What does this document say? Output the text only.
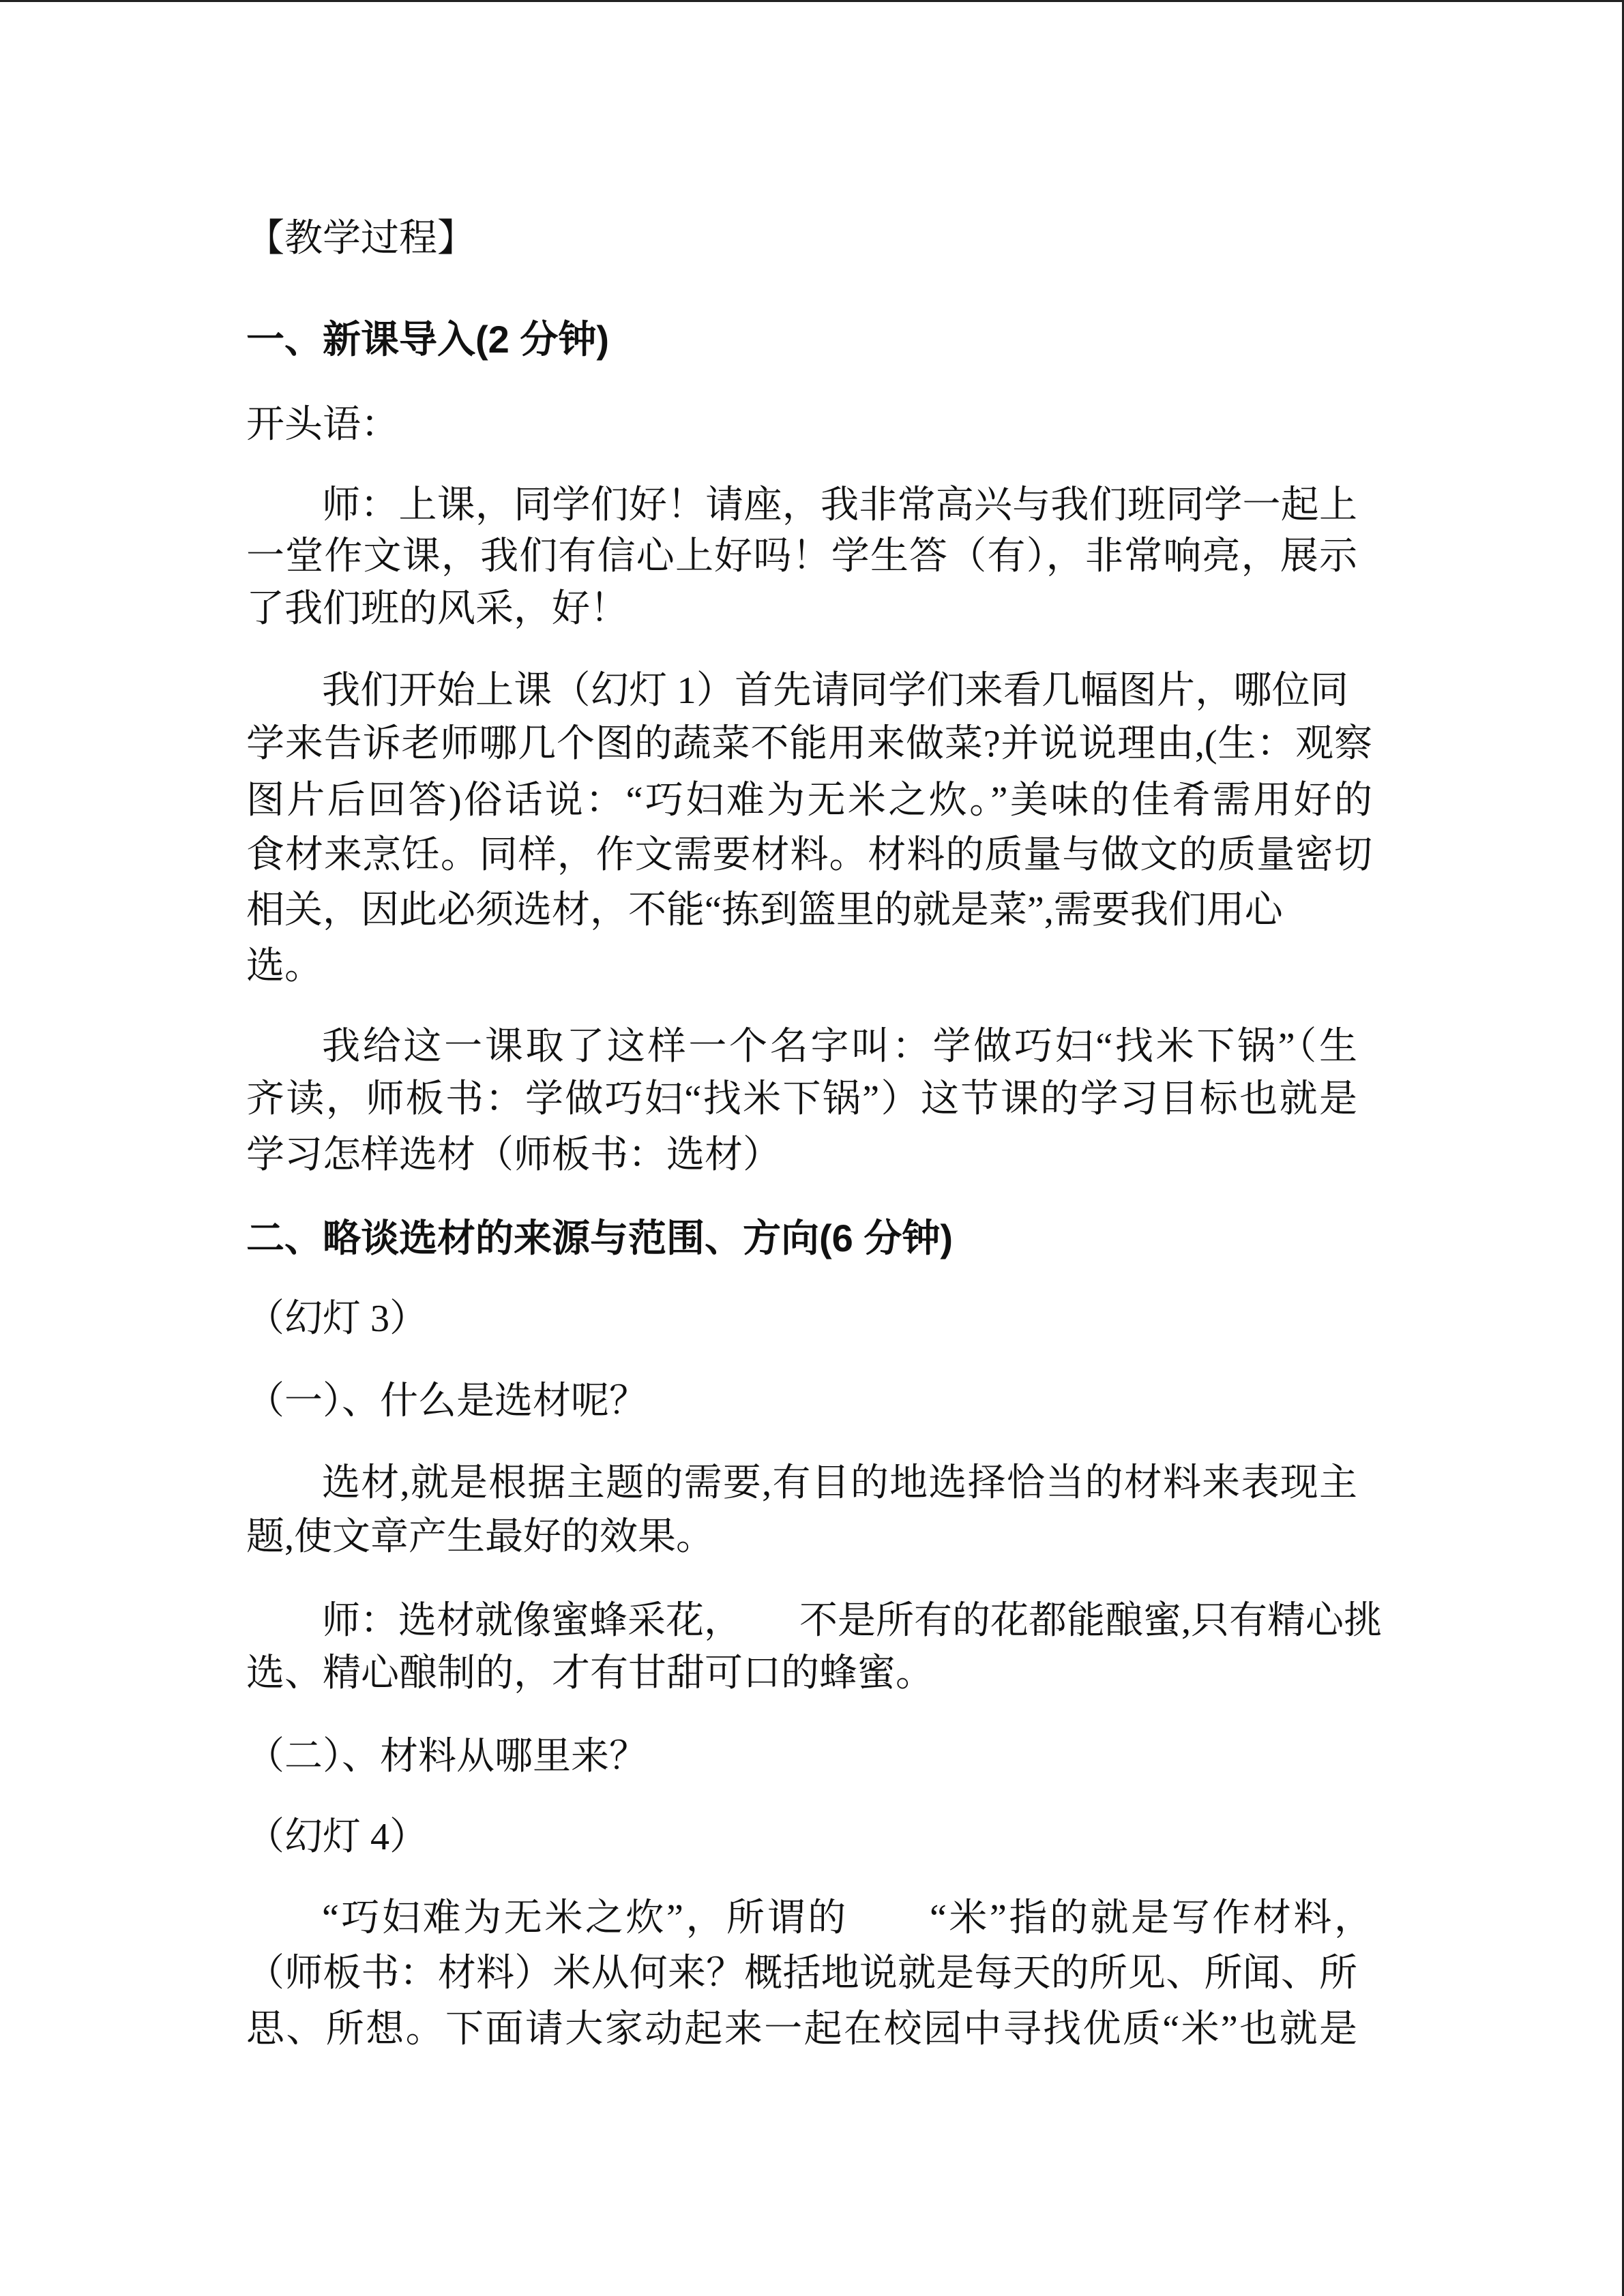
【教学过程】
一、新课导入(2 分钟)
开头语：
师：上课，同学们好！请座，我非常高兴与我们班同学一起上
一堂作文课，我们有信心上好吗！学生答（有），非常响亮，展示
了我们班的风采，好！
我们开始上课（幻灯 1）首先请同学们来看几幅图片，哪位同
学来告诉老师哪几个图的蔬菜不能用来做菜?并说说理由,(生：观察
图片后回答)俗话说：“巧妇难为无米之炊。”美味的佳肴需用好的
食材来烹饪。同样，作文需要材料。材料的质量与做文的质量密切
相关，因此必须选材，不能“拣到篮里的就是菜”,需要我们用心
选。
我给这一课取了这样一个名字叫：学做巧妇“找米下锅”（生
齐读，师板书：学做巧妇“找米下锅”）这节课的学习目标也就是
学习怎样选材（师板书：选材）
二、略谈选材的来源与范围、方向(6 分钟)
（幻灯 3）
（一）、什么是选材呢？
选材,就是根据主题的需要,有目的地选择恰当的材料来表现主
题,使文章产生最好的效果。
师：选材就像蜜蜂采花，　　不是所有的花都能酿蜜,只有精心挑
选、精心酿制的，才有甘甜可口的蜂蜜。
（二）、材料从哪里来？
（幻灯 4）
“巧妇难为无米之炊”，所谓的　　“米”指的就是写作材料，
（师板书：材料）米从何来？概括地说就是每天的所见、所闻、所
思、所想。下面请大家动起来一起在校园中寻找优质“米”也就是
